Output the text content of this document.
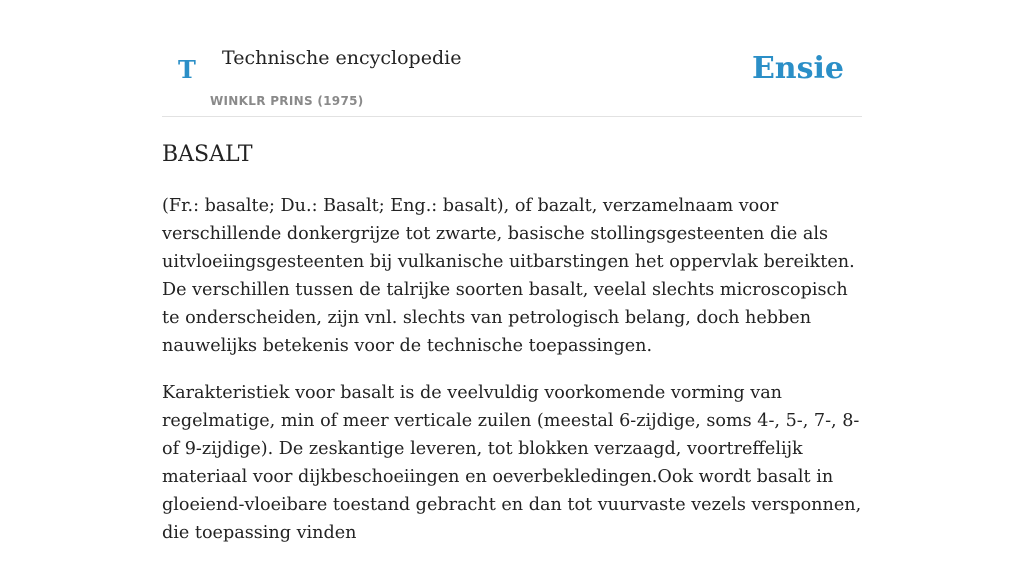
T Technische encyclopedie
WINKLR PRINS (1975)
Ensie
BASALT

(Fr.: basalte; Du.: Basalt; Eng.: basalt), of bazalt, verzamelnaam voor verschillende donkergrijze tot zwarte, basische stollingsgesteenten die als uitvloeiingsgesteenten bij vulkanische uitbarstingen het oppervlak bereikten. De verschillen tussen de talrijke soorten basalt, veelal slechts microscopisch te onderscheiden, zijn vnl. slechts van petrologisch belang, doch hebben nauwelijks betekenis voor de technische toepassingen.

Karakteristiek voor basalt is de veelvuldig voorkomende vorming van regelmatige, min of meer verticale zuilen (meestal 6-zijdige, soms 4-, 5-, 7-, 8- of 9-zijdige). De zeskantige leveren, tot blokken verzaagd, voortreffelijk materiaal voor dijkbeschoeiingen en oeverbekledingen.Ook wordt basalt in gloeiend-vloeibare toestand gebracht en dan tot vuurvaste vezels versponnen, die toepassing vinden
